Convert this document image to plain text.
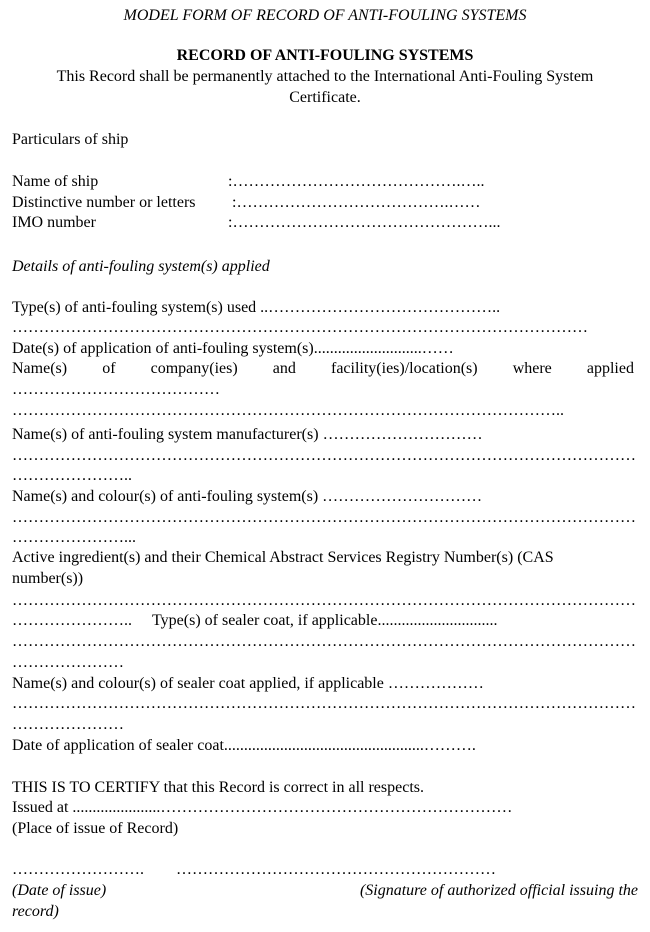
MODEL FORM OF RECORD OF ANTI-FOULING SYSTEMS
RECORD OF ANTI-FOULING SYSTEMS
This Record shall be permanently attached to the International Anti-Fouling System
Certificate.
Particulars of ship
Name of ship	:…………………………………….…..
Distinctive number or letters :………………………………….……
IMO number	:…………………………………………...
Details of anti-fouling system(s) applied
Type(s) of anti-fouling system(s) used ..……………………………………..
………………………………………………………………………………………………
Date(s) of application of anti-fouling system(s)...........................……
Name(s) of company(ies) and facility(ies)/location(s) where applied
…………………………………
…………………………………………………………………………………………..
Name(s) of anti-fouling system manufacturer(s) …………………………
………………………………………………………………………………………………………
…………………..
Name(s) and colour(s) of anti-fouling system(s) …………………………
………………………………………………………………………………………………………
…………………...
Active ingredient(s) and their Chemical Abstract Services Registry Number(s) (CAS
number(s))
………………………………………………………………………………………………………
………………….. Type(s) of sealer coat, if applicable..............................
………………………………………………………………………………………………………
…………………
Name(s) and colour(s) of sealer coat applied, if applicable ………………
………………………………………………………………………………………………………
…………………
Date of application of sealer coat..................................................……….
THIS IS TO CERTIFY that this Record is correct in all respects.
Issued at ......................…………………………………………………………
(Place of issue of Record)
……………………. ……………………………………………………
(Date of issue)	(Signature of authorized official issuing the
record)
